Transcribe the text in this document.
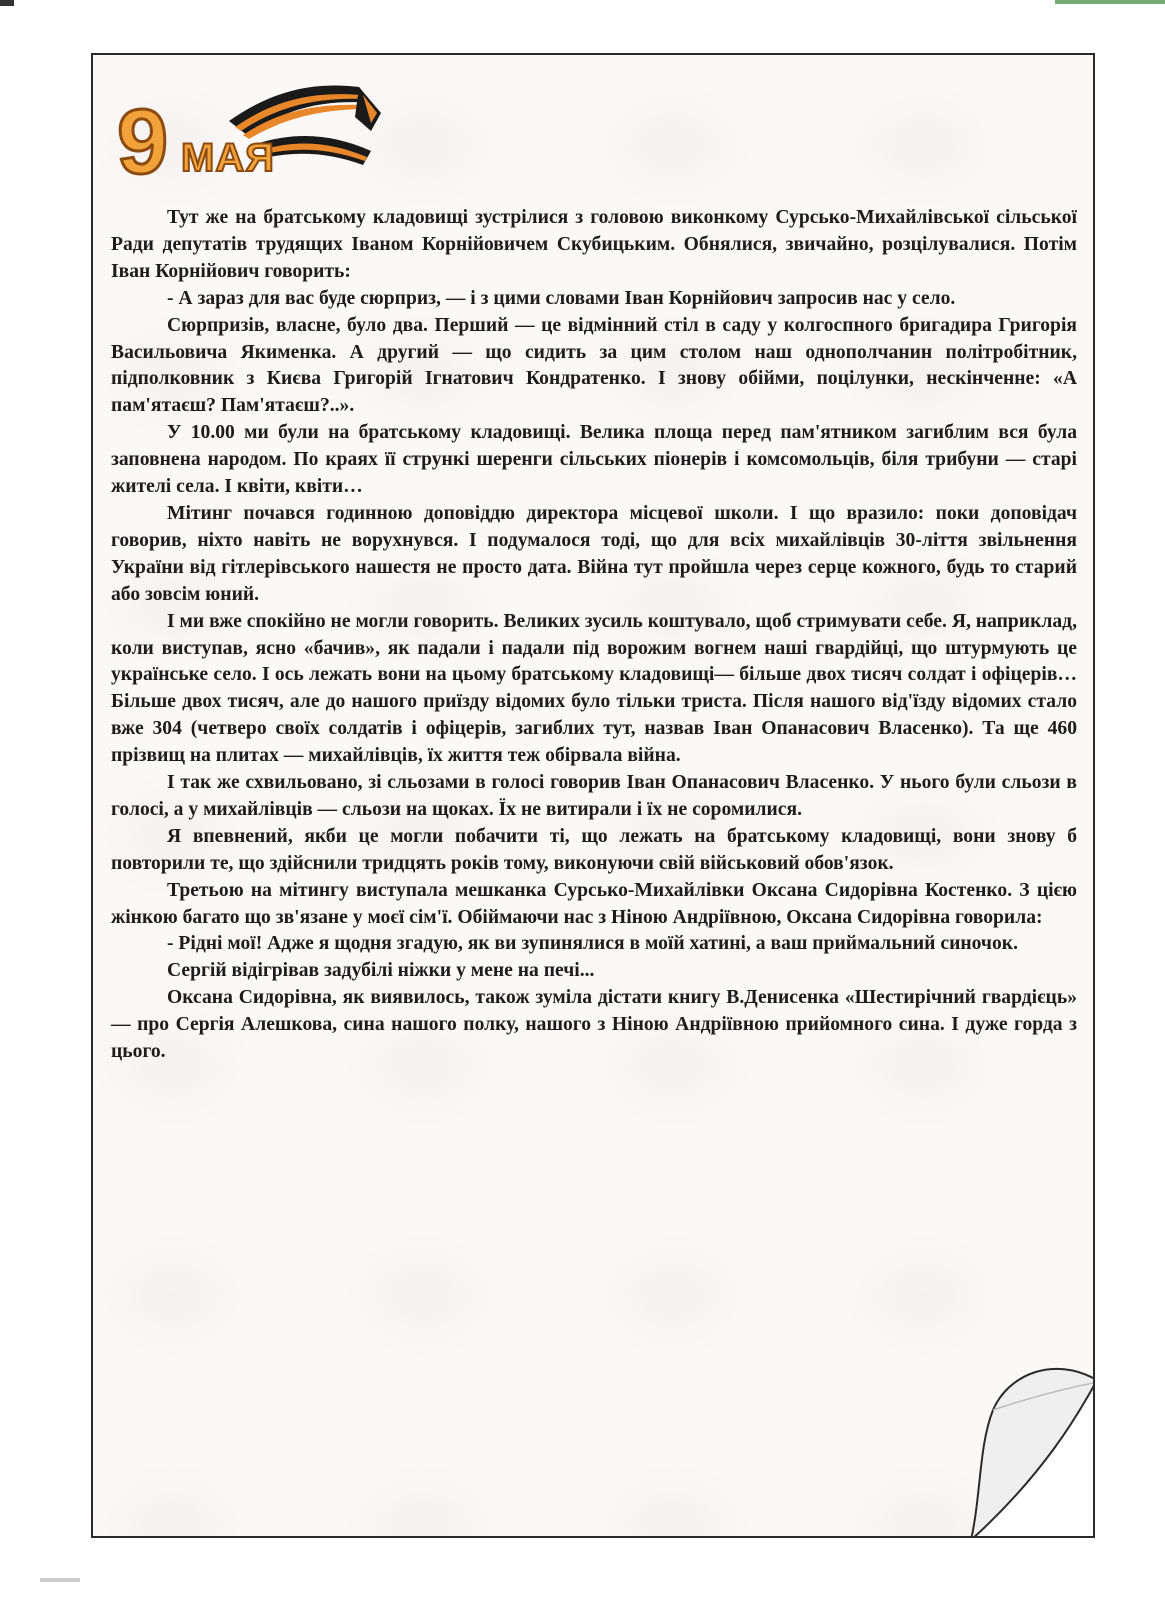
9 МАЯ

Тут же на братському кладовищі зустрілися з головою виконкому Сурсько-Михайлівської сільської Ради депутатів трудящих Іваном Корнійовичем Скубицьким. Обнялися, звичайно, розцілувалися. Потім Іван Корнійович говорить:

- А зараз для вас буде сюрприз, — і з цими словами Іван Корнійович запросив нас у село.

Сюрпризів, власне, було два. Перший — це відмінний стіл в саду у колгоспного бригадира Григорія Васильовича Якименка. А другий — що сидить за цим столом наш однополчанин політробітник, підполковник з Києва Григорій Ігнатович Кондратенко. І знову обійми, поцілунки, нескінченне: «А пам'ятаєш? Пам'ятаєш?..».

У 10.00 ми були на братському кладовищі. Велика площа перед пам'ятником загиблим вся була заповнена народом. По краях її стрункі шеренги сільських піонерів і комсомольців, біля трибуни — старі жителі села. І квіти, квіти…

Мітинг почався годинною доповіддю директора місцевої школи. І що вразило: поки доповідач говорив, ніхто навіть не ворухнувся. І подумалося тоді, що для всіх михайлівців 30-ліття звільнення України від гітлерівського нашестя не просто дата. Війна тут пройшла через серце кожного, будь то старий або зовсім юний.

І ми вже спокійно не могли говорить. Великих зусиль коштувало, щоб стримувати себе. Я, наприклад, коли виступав, ясно «бачив», як падали і падали під ворожим вогнем наші гвардійці, що штурмують це українське село. І ось лежать вони на цьому братському кладовищі— більше двох тисяч солдат і офіцерів… Більше двох тисяч, але до нашого приїзду відомих було тільки триста. Після нашого від'їзду відомих стало вже 304 (четверо своїх солдатів і офіцерів, загиблих тут, назвав Іван Опанасович Власенко). Та ще 460 прізвищ на плитах — михайлівців, їх життя теж обірвала війна.

І так же схвильовано, зі сльозами в голосі говорив Іван Опанасович Власенко. У нього були сльози в голосі, а у михайлівців — сльози на щоках. Їх не витирали і їх не соромилися.

Я впевнений, якби це могли побачити ті, що лежать на братському кладовищі, вони знову б повторили те, що здійснили тридцять років тому, виконуючи свій військовий обов'язок.

Третьою на мітингу виступала мешканка Сурсько-Михайлівки Оксана Сидорівна Костенко. З цією жінкою багато що зв'язане у моєї сім'ї. Обіймаючи нас з Ніною Андріївною, Оксана Сидорівна говорила:

- Рідні мої! Адже я щодня згадую, як ви зупинялися в моїй хатині, а ваш приймальний синочок.

Сергій відігрівав задубілі ніжки у мене на печі...

Оксана Сидорівна, як виявилось, також зуміла дістати книгу В.Денисенка «Шестирічний гвардієць» — про Сергія Алешкова, сина нашого полку, нашого з Ніною Андріївною прийомного сина. І дуже горда з цього.
